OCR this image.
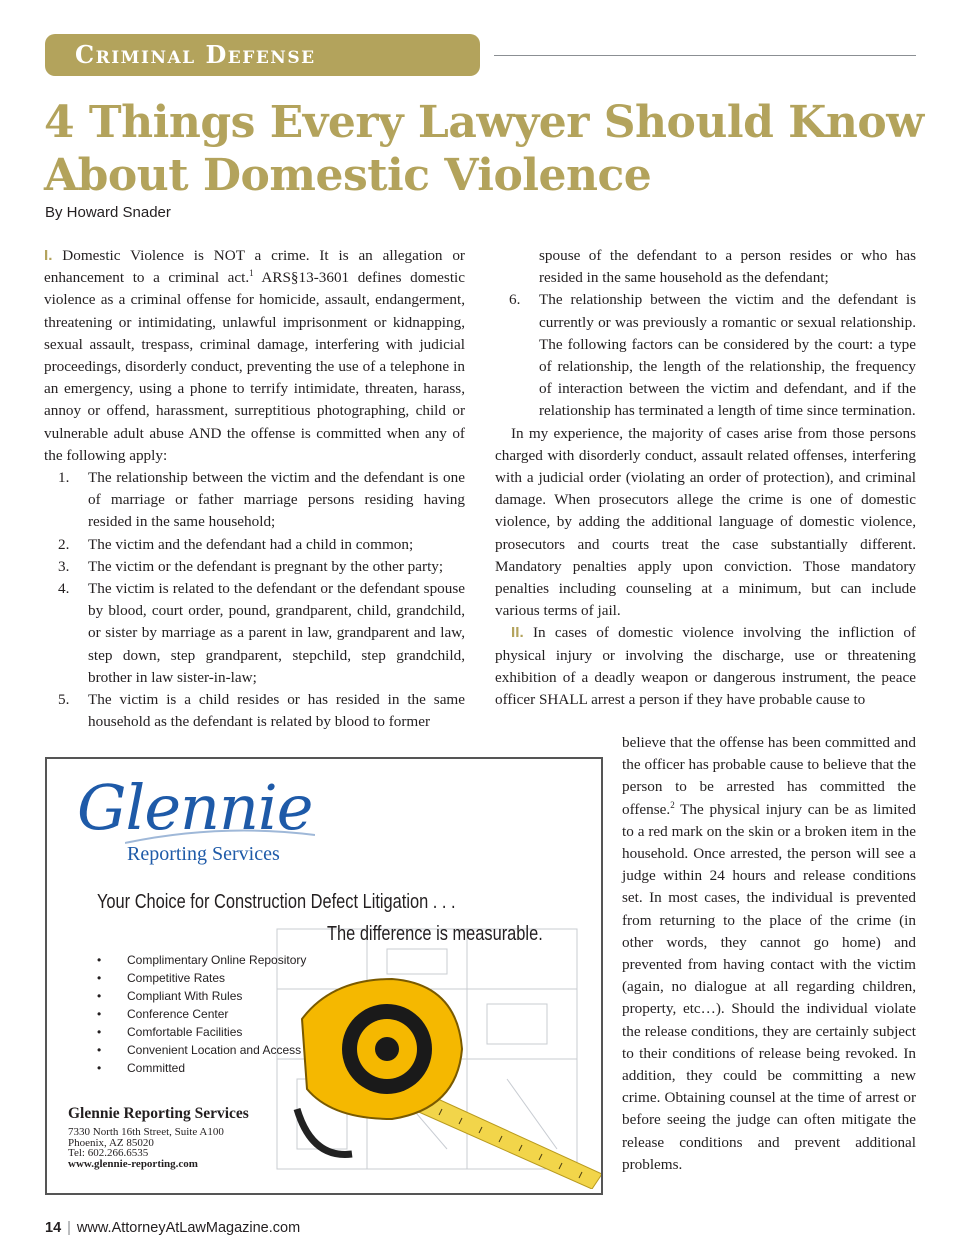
Criminal Defense
4 Things Every Lawyer Should Know
About Domestic Violence
By Howard Snader

I. Domestic Violence is NOT a crime. It is an allegation or enhancement to a criminal act.$^1$ ARS§13-3601 defines domestic violence as a criminal offense for homicide, assault, endangerment, threatening or intimidating, unlawful imprisonment or kidnapping, sexual assault, trespass, criminal damage, interfering with judicial proceedings, disorderly conduct, preventing the use of a telephone in an emergency, using a phone to terrify intimidate, threaten, harass, annoy or offend, harassment, surreptitious photographing, child or vulnerable adult abuse AND the offense is committed when any of the following apply:

1. The relationship between the victim and the defendant is one of marriage or father marriage persons residing having resided in the same household;
2. The victim and the defendant had a child in common;
3. The victim or the defendant is pregnant by the other party;
4. The victim is related to the defendant or the defendant spouse by blood, court order, pound, grandparent, child, grandchild, or sister by marriage as a parent in law, grandparent and law, step down, step grandparent, stepchild, step grandchild, brother in law sister-in-law;
5. The victim is a child resides or has resided in the same household as the defendant is related by blood to former

spouse of the defendant to a person resides or who has resided in the same household as the defendant;

6. The relationship between the victim and the defendant is currently or was previously a romantic or sexual relationship. The following factors can be considered by the court: a type of relationship, the length of the relationship, the frequency of interaction between the victim and defendant, and if the relationship has terminated a length of time since termination.

In my experience, the majority of cases arise from those persons charged with disorderly conduct, assault related offenses, interfering with a judicial order (violating an order of protection), and criminal damage. When prosecutors allege the crime is one of domestic violence, by adding the additional language of domestic violence, prosecutors and courts treat the case substantially different. Mandatory penalties apply upon conviction. Those mandatory penalties including counseling at a minimum, but can include various terms of jail.

II. In cases of domestic violence involving the infliction of physical injury or involving the discharge, use or threatening exhibition of a deadly weapon or dangerous instrument, the peace officer SHALL arrest a person if they have probable cause to

believe that the offense has been committed and the officer has probable cause to believe that the person to be arrested has committed the offense.$^2$ The physical injury can be as limited to a red mark on the skin or a broken item in the household. Once arrested, the person will see a judge within 24 hours and release conditions set. In most cases, the individual is prevented from returning to the place of the crime (in other words, they cannot go home) and prevented from having contact with the victim (again, no dialogue at all regarding children, property, etc…). Should the individual violate the release conditions, they are certainly subject to their conditions of release being revoked. In addition, they could be committing a new crime. Obtaining counsel at the time of arrest or before seeing the judge can often mitigate the release conditions and prevent additional problems.

Glennie
Reporting Services
Your Choice for Construction Defect Litigation . . .
The difference is measurable.
• Complimentary Online Repository
• Competitive Rates
• Compliant With Rules
• Conference Center
• Comfortable Facilities
• Convenient Location and Access
• Committed
Glennie Reporting Services
7330 North 16th Street, Suite A100
Phoenix, AZ 85020
Tel: 602.266.6535
www.glennie-reporting.com
14 | www.AttorneyAtLawMagazine.com
